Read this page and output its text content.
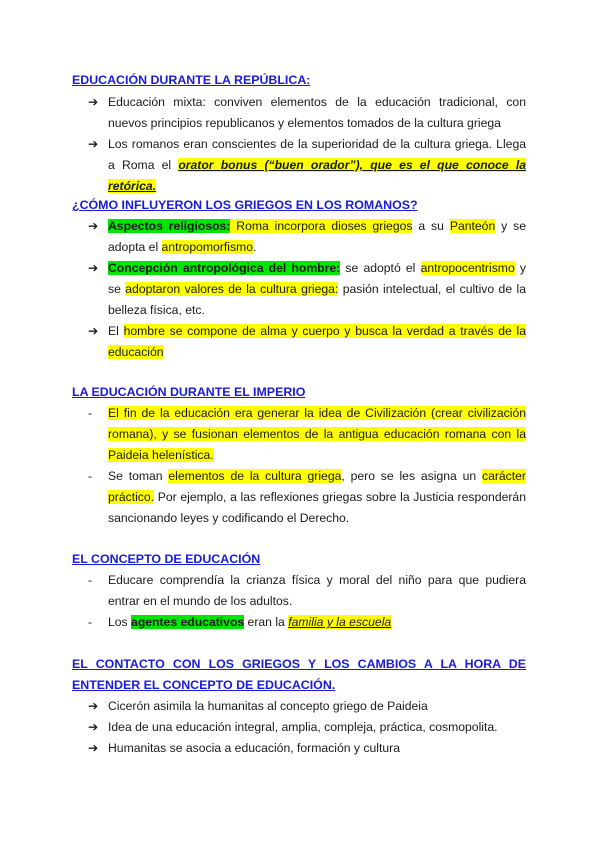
EDUCACIÓN DURANTE LA REPÚBLICA:
➔ Educación mixta: conviven elementos de la educación tradicional, con nuevos principios republicanos y elementos tomados de la cultura griega
➔ Los romanos eran conscientes de la superioridad de la cultura griega. Llega a Roma el orator bonus (“buen orador”), que es el que conoce la retórica.
¿CÓMO INFLUYERON LOS GRIEGOS EN LOS ROMANOS?
➔ Aspectos religiosos: Roma incorpora dioses griegos a su Panteón y se adopta el antropomorfismo.
➔ Concepción antropológica del hombre: se adoptó el antropocentrismo y se adoptaron valores de la cultura griega: pasión intelectual, el cultivo de la belleza física, etc.
➔ El hombre se compone de alma y cuerpo y busca la verdad a través de la educación
LA EDUCACIÓN DURANTE EL IMPERIO
-	El fin de la educación era generar la idea de Civilización (crear civilización romana), y se fusionan elementos de la antigua educación romana con la Paideia helenística.
-	Se toman elementos de la cultura griega, pero se les asigna un carácter práctico. Por ejemplo, a las reflexiones griegas sobre la Justicia responderán sancionando leyes y codificando el Derecho.
EL CONCEPTO DE EDUCACIÓN
-	Educare comprendía la crianza física y moral del niño para que pudiera entrar en el mundo de los adultos.
-	Los agentes educativos eran la familia y la escuela
EL CONTACTO CON LOS GRIEGOS Y LOS CAMBIOS A LA HORA DE
ENTENDER EL CONCEPTO DE EDUCACIÓN.
➔ Cicerón asimila la humanitas al concepto griego de Paideia
➔ Idea de una educación integral, amplia, compleja, práctica, cosmopolita.
➔ Humanitas se asocia a educación, formación y cultura
